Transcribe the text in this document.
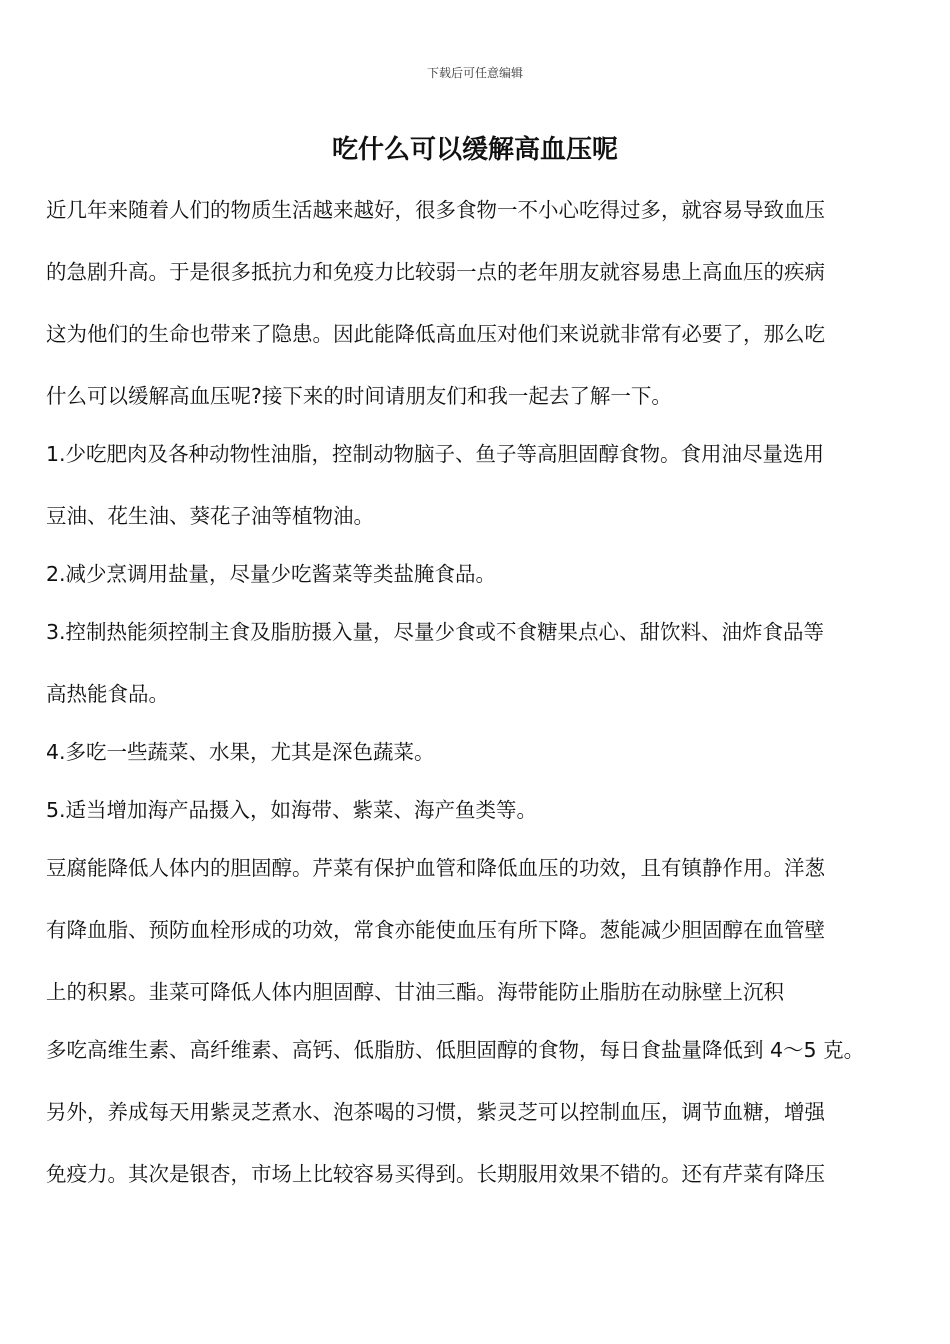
下载后可任意编辑
吃什么可以缓解高血压呢
近几年来随着人们的物质生活越来越好，很多食物一不小心吃得过多，就容易导致血压
的急剧升高。于是很多抵抗力和免疫力比较弱一点的老年朋友就容易患上高血压的疾病
这为他们的生命也带来了隐患。因此能降低高血压对他们来说就非常有必要了，那么吃
什么可以缓解高血压呢?接下来的时间请朋友们和我一起去了解一下。
1.少吃肥肉及各种动物性油脂，控制动物脑子、鱼子等高胆固醇食物。食用油尽量选用
豆油、花生油、葵花子油等植物油。
2.减少烹调用盐量，尽量少吃酱菜等类盐腌食品。
3.控制热能须控制主食及脂肪摄入量，尽量少食或不食糖果点心、甜饮料、油炸食品等
高热能食品。
4.多吃一些蔬菜、水果，尤其是深色蔬菜。
5.适当增加海产品摄入，如海带、紫菜、海产鱼类等。
豆腐能降低人体内的胆固醇。芹菜有保护血管和降低血压的功效，且有镇静作用。洋葱
有降血脂、预防血栓形成的功效，常食亦能使血压有所下降。葱能减少胆固醇在血管壁
上的积累。韭菜可降低人体内胆固醇、甘油三酯。海带能防止脂肪在动脉壁上沉积
多吃高维生素、高纤维素、高钙、低脂肪、低胆固醇的食物，每日食盐量降低到 4～5 克。
另外，养成每天用紫灵芝煮水、泡茶喝的习惯，紫灵芝可以控制血压，调节血糖，增强
免疫力。其次是银杏，市场上比较容易买得到。长期服用效果不错的。还有芹菜有降压
